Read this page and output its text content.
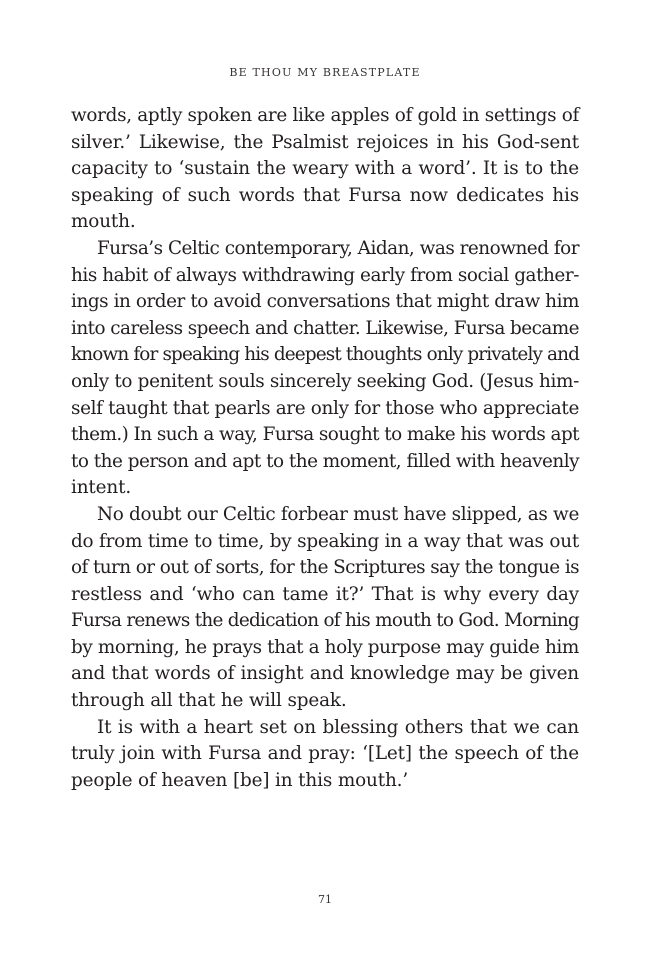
BE THOU MY BREASTPLATE

words, aptly spoken are like apples of gold in settings of
silver.’ Likewise, the Psalmist rejoices in his God-sent
capacity to ‘sustain the weary with a word’. It is to the
speaking of such words that Fursa now dedicates his
mouth.

Fursa’s Celtic contemporary, Aidan, was renowned for
his habit of always withdrawing early from social gather-
ings in order to avoid conversations that might draw him
into careless speech and chatter. Likewise, Fursa became
known for speaking his deepest thoughts only privately and
only to penitent souls sincerely seeking God. (Jesus him-
self taught that pearls are only for those who appreciate
them.) In such a way, Fursa sought to make his words apt
to the person and apt to the moment, filled with heavenly
intent.

No doubt our Celtic forbear must have slipped, as we
do from time to time, by speaking in a way that was out
of turn or out of sorts, for the Scriptures say the tongue is
restless and ‘who can tame it?’ That is why every day
Fursa renews the dedication of his mouth to God. Morning
by morning, he prays that a holy purpose may guide him
and that words of insight and knowledge may be given
through all that he will speak.

It is with a heart set on blessing others that we can
truly join with Fursa and pray: ‘[Let] the speech of the
people of heaven [be] in this mouth.’

71
